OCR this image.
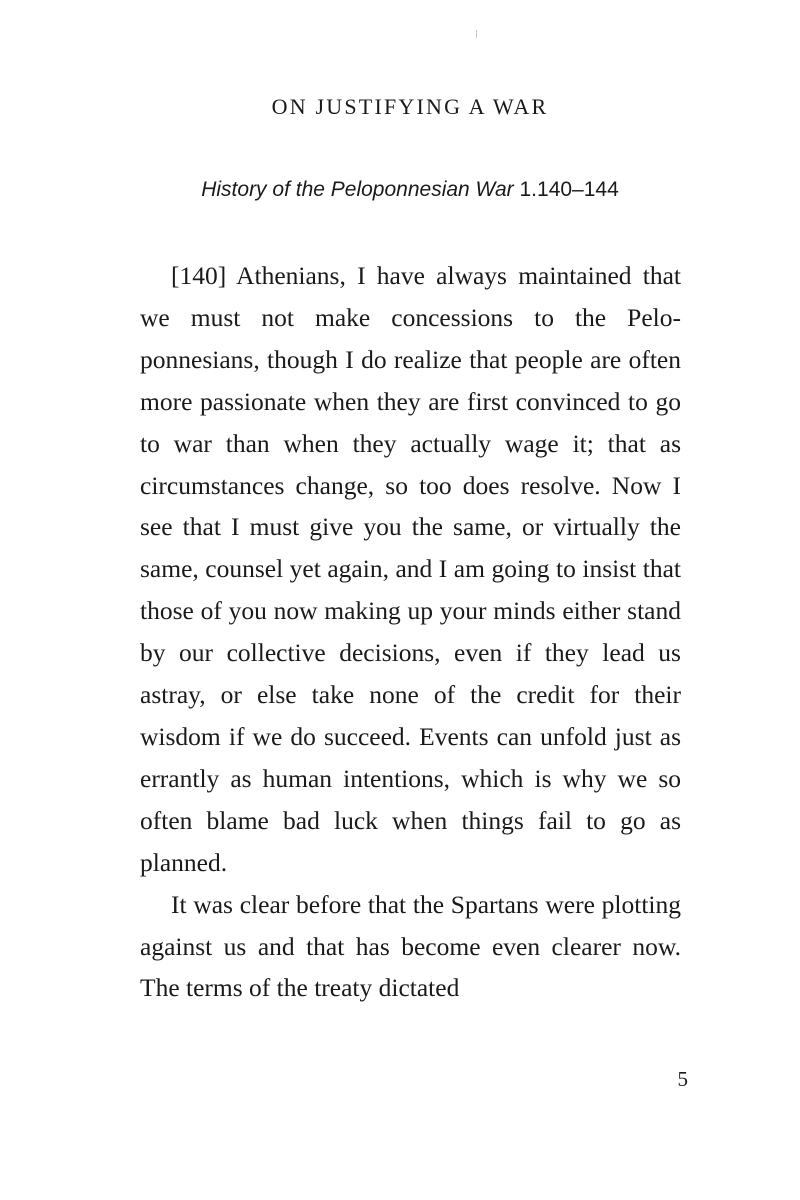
ON JUSTIFYING A WAR
History of the Peloponnesian War 1.140–144

[140] Athenians, I have always maintained that we must not make concessions to the Peloponnesians, though I do realize that people are often more passionate when they are first convinced to go to war than when they actually wage it; that as circumstances change, so too does resolve. Now I see that I must give you the same, or virtually the same, counsel yet again, and I am going to insist that those of you now making up your minds either stand by our collective decisions, even if they lead us astray, or else take none of the credit for their wisdom if we do succeed. Events can unfold just as errantly as human intentions, which is why we so often blame bad luck when things fail to go as planned.

It was clear before that the Spartans were plotting against us and that has become even clearer now. The terms of the treaty dictated

5
